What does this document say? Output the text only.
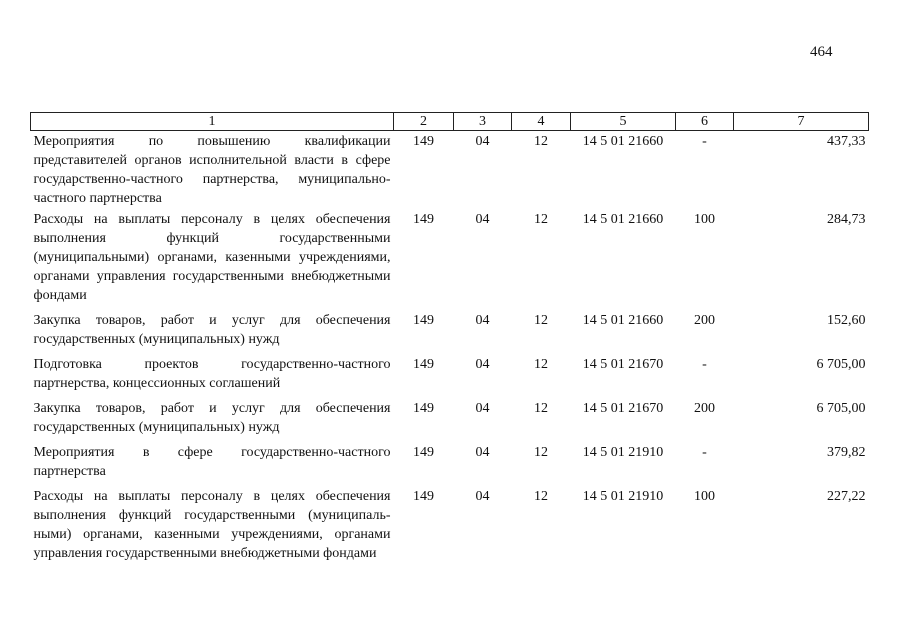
464
1	2	3	4	5	6	7
Мероприятия по повышению квалификации представителей органов исполнительной власти в сфере государственно-частного партнерства, муниципально-частного партнерства	149	04	12	14 5 01 21660	-	437,33
Расходы на выплаты персоналу в целях обеспечения выполнения функций государственными (муниципальными) органами, казенными учреждениями, органами управления государственными внебюджетными фондами	149	04	12	14 5 01 21660	100	284,73
Закупка товаров, работ и услуг для обеспечения государственных (муниципальных) нужд	149	04	12	14 5 01 21660	200	152,60
Подготовка проектов государственно-частного партнерства, концессионных соглашений	149	04	12	14 5 01 21670	-	6 705,00
Закупка товаров, работ и услуг для обеспечения государственных (муниципальных) нужд	149	04	12	14 5 01 21670	200	6 705,00
Мероприятия в сфере государственно-частного партнерства	149	04	12	14 5 01 21910	-	379,82
Расходы на выплаты персоналу в целях обеспечения выполнения функций государственными (муниципаль-ными) органами, казенными учреждениями, органами управления государственными внебюджетными фондами	149	04	12	14 5 01 21910	100	227,22
